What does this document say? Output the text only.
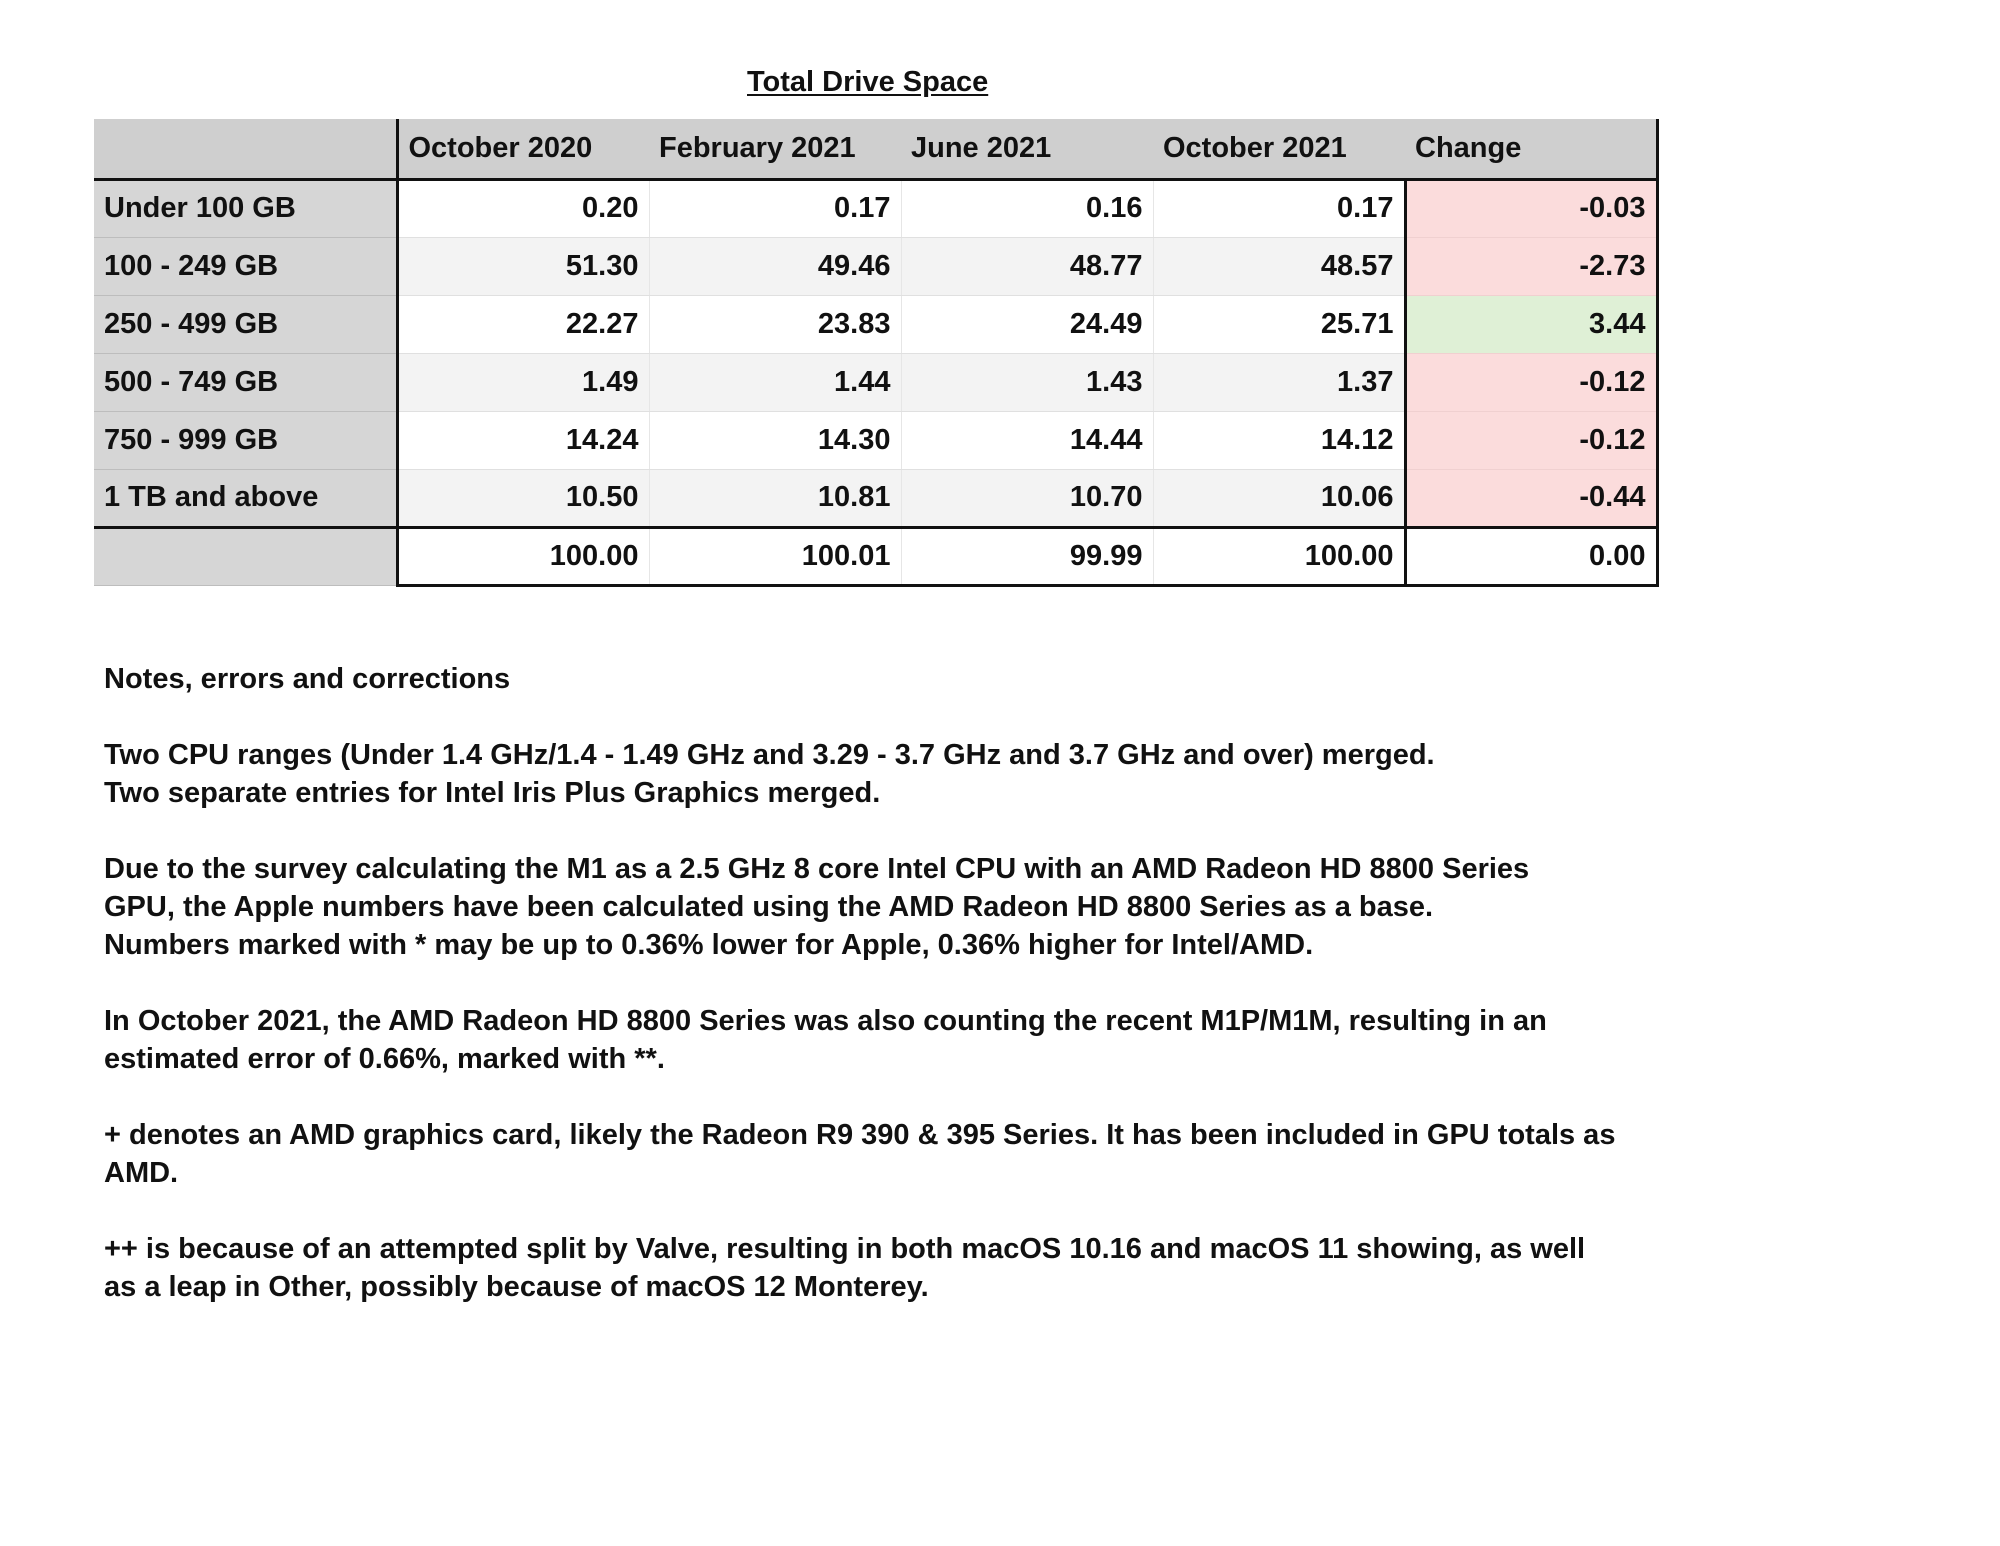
Total Drive Space
	October 2020	February 2021	June 2021	October 2021	Change
Under 100 GB	0.20	0.17	0.16	0.17	-0.03
100 - 249 GB	51.30	49.46	48.77	48.57	-2.73
250 - 499 GB	22.27	23.83	24.49	25.71	3.44
500 - 749 GB	1.49	1.44	1.43	1.37	-0.12
750 - 999 GB	14.24	14.30	14.44	14.12	-0.12
1 TB and above	10.50	10.81	10.70	10.06	-0.44
	100.00	100.01	99.99	100.00	0.00

Notes, errors and corrections

Two CPU ranges (Under 1.4 GHz/1.4 - 1.49 GHz and 3.29 - 3.7 GHz and 3.7 GHz and over) merged.
Two separate entries for Intel Iris Plus Graphics merged.

Due to the survey calculating the M1 as a 2.5 GHz 8 core Intel CPU with an AMD Radeon HD 8800 Series
GPU, the Apple numbers have been calculated using the AMD Radeon HD 8800 Series as a base.
Numbers marked with * may be up to 0.36% lower for Apple, 0.36% higher for Intel/AMD.

In October 2021, the AMD Radeon HD 8800 Series was also counting the recent M1P/M1M, resulting in an
estimated error of 0.66%, marked with **.

+ denotes an AMD graphics card, likely the Radeon R9 390 & 395 Series. It has been included in GPU totals as
AMD.

++ is because of an attempted split by Valve, resulting in both macOS 10.16 and macOS 11 showing, as well
as a leap in Other, possibly because of macOS 12 Monterey.
